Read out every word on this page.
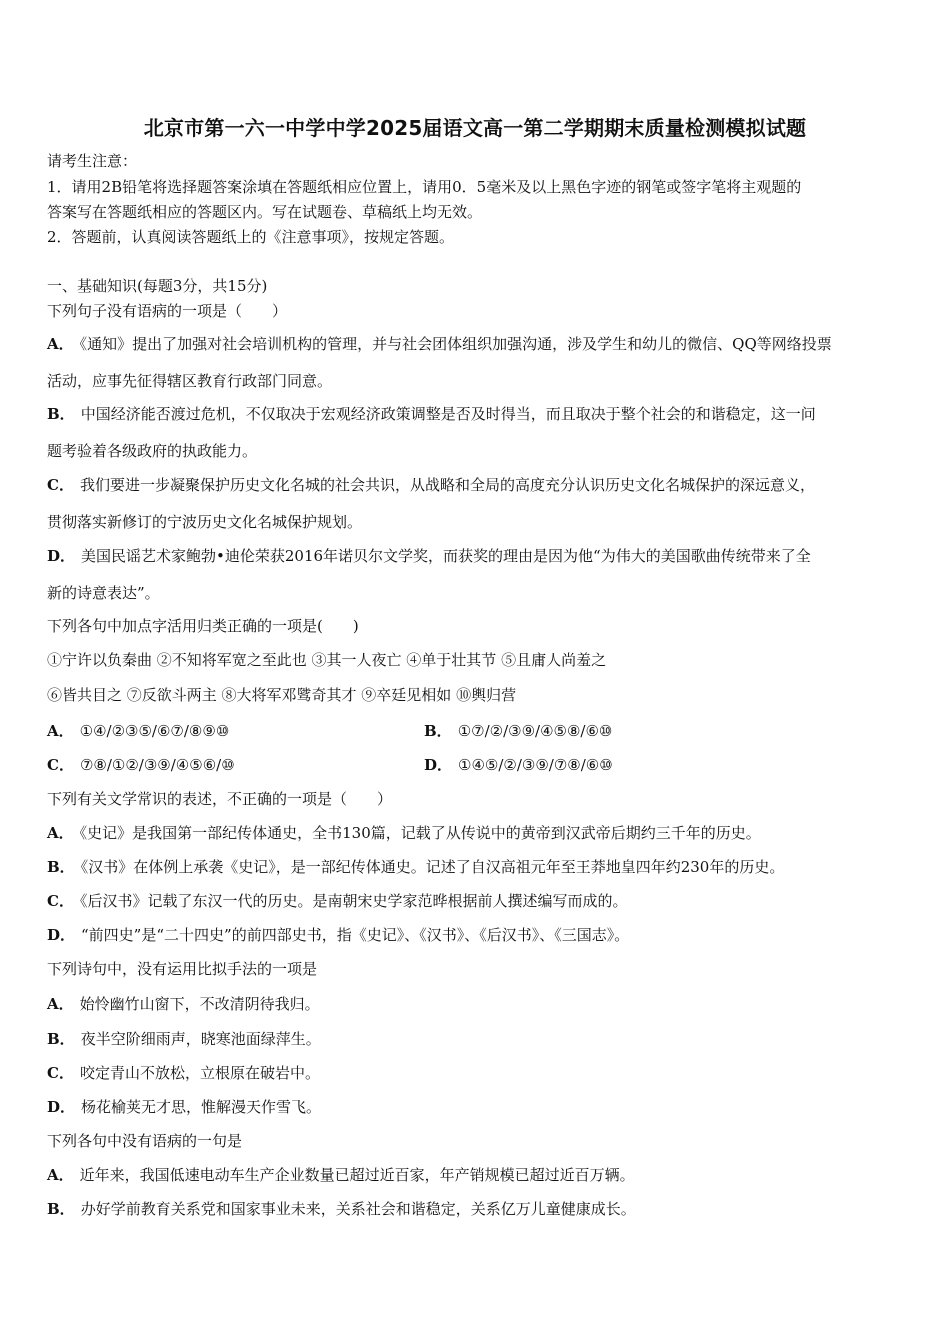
北京市第一六一中学中学2025届语文高一第二学期期末质量检测模拟试题
请考生注意：
1．请用2B铅笔将选择题答案涂填在答题纸相应位置上，请用0．5毫米及以上黑色字迹的钢笔或签字笔将主观题的
答案写在答题纸相应的答题区内。写在试题卷、草稿纸上均无效。
2．答题前，认真阅读答题纸上的《注意事项》，按规定答题。
一、基础知识(每题3分，共15分)
下列句子没有语病的一项是（　　）
A． 《通知》提出了加强对社会培训机构的管理，并与社会团体组织加强沟通，涉及学生和幼儿的微信、QQ等网络投票
活动，应事先征得辖区教育行政部门同意。
B． 中国经济能否渡过危机，不仅取决于宏观经济政策调整是否及时得当，而且取决于整个社会的和谐稳定，这一问
题考验着各级政府的执政能力。
C． 我们要进一步凝聚保护历史文化名城的社会共识，从战略和全局的高度充分认识历史文化名城保护的深远意义，
贯彻落实新修订的宁波历史文化名城保护规划。
D． 美国民谣艺术家鲍勃•迪伦荣获2016年诺贝尔文学奖，而获奖的理由是因为他“为伟大的美国歌曲传统带来了全
新的诗意表达”。
下列各句中加点字活用归类正确的一项是(　　)
①宁许以负秦曲 ②不知将军宽之至此也 ③其一人夜亡 ④单于壮其节 ⑤且庸人尚羞之
⑥皆共目之 ⑦反欲斗两主 ⑧大将军邓骘奇其才 ⑨卒廷见相如 ⑩輿归营
A． ①④/②③⑤/⑥⑦/⑧⑨⑩	B． ①⑦/②/③⑨/④⑤⑧/⑥⑩
C． ⑦⑧/①②/③⑨/④⑤⑥/⑩	D． ①④⑤/②/③⑨/⑦⑧/⑥⑩
下列有关文学常识的表述，不正确的一项是（　　）
A． 《史记》是我国第一部纪传体通史，全书130篇，记载了从传说中的黄帝到汉武帝后期约三千年的历史。
B． 《汉书》在体例上承袭《史记》，是一部纪传体通史。记述了自汉高祖元年至王莽地皇四年约230年的历史。
C． 《后汉书》记载了东汉一代的历史。是南朝宋史学家范晔根据前人撰述编写而成的。
D． “前四史”是“二十四史”的前四部史书，指《史记》、《汉书》、《后汉书》、《三国志》。
下列诗句中，没有运用比拟手法的一项是
A． 始怜幽竹山窗下，不改清阴待我归。
B． 夜半空阶细雨声，晓寒池面绿萍生。
C． 咬定青山不放松，立根原在破岩中。
D． 杨花榆荚无才思，惟解漫天作雪飞。
下列各句中没有语病的一句是
A． 近年来，我国低速电动车生产企业数量已超过近百家，年产销规模已超过近百万辆。
B． 办好学前教育关系党和国家事业未来，关系社会和谐稳定，关系亿万儿童健康成长。
